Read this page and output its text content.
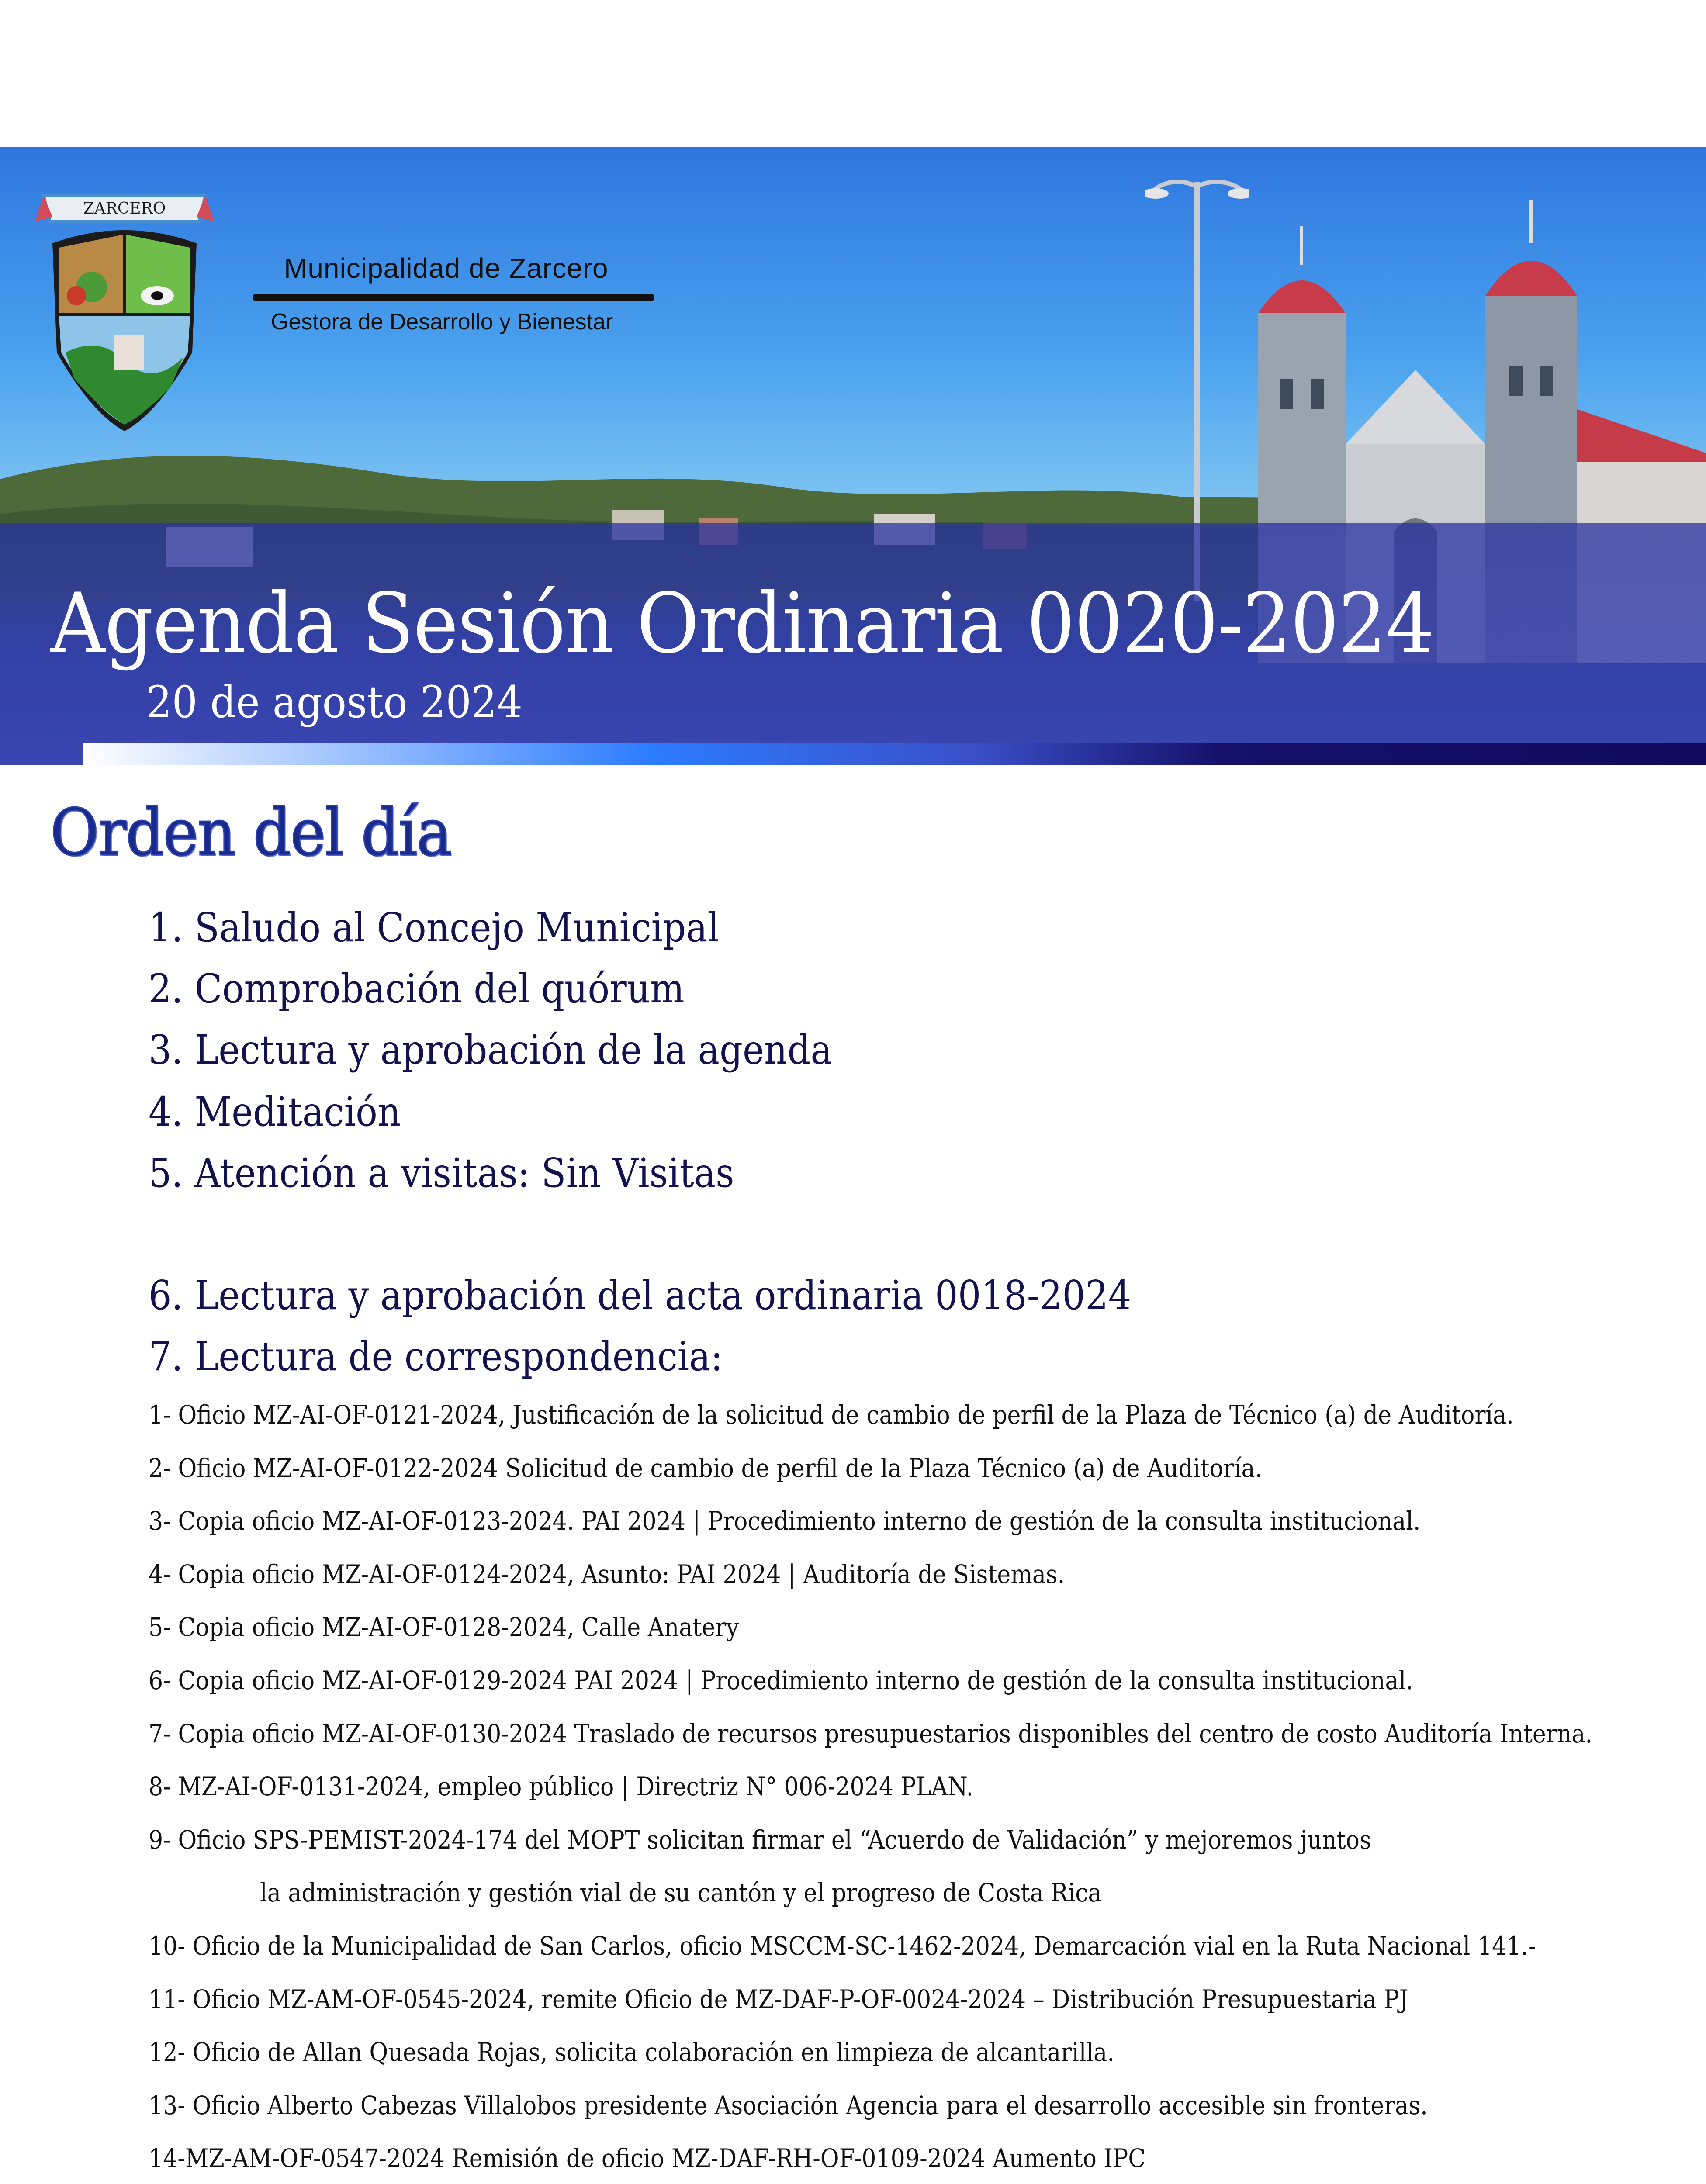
ZARCERO
Municipalidad de Zarcero
Gestora de Desarrollo y Bienestar
Agenda Sesión Ordinaria 0020-2024
20 de agosto 2024
Orden del día
1. Saludo al Concejo Municipal
2. Comprobación del quórum
3. Lectura y aprobación de la agenda
4. Meditación
5. Atención a visitas: Sin Visitas
6. Lectura y aprobación del acta ordinaria 0018-2024
7. Lectura de correspondencia:
1- Oficio MZ-AI-OF-0121-2024, Justificación de la solicitud de cambio de perfil de la Plaza de Técnico (a) de Auditoría.
2- Oficio MZ-AI-OF-0122-2024 Solicitud de cambio de perfil de la Plaza Técnico (a) de Auditoría.
3- Copia oficio MZ-AI-OF-0123-2024. PAI 2024 | Procedimiento interno de gestión de la consulta institucional.
4- Copia oficio MZ-AI-OF-0124-2024, Asunto: PAI 2024 | Auditoría de Sistemas.
5- Copia oficio MZ-AI-OF-0128-2024, Calle Anatery
6- Copia oficio MZ-AI-OF-0129-2024 PAI 2024 | Procedimiento interno de gestión de la consulta institucional.
7- Copia oficio MZ-AI-OF-0130-2024 Traslado de recursos presupuestarios disponibles del centro de costo Auditoría Interna.
8- MZ-AI-OF-0131-2024, empleo público | Directriz N° 006-2024 PLAN.
9- Oficio SPS-PEMIST-2024-174 del MOPT solicitan firmar el “Acuerdo de Validación” y mejoremos juntos
la administración y gestión vial de su cantón y el progreso de Costa Rica
10- Oficio de la Municipalidad de San Carlos, oficio MSCCM-SC-1462-2024, Demarcación vial en la Ruta Nacional 141.-
11- Oficio MZ-AM-OF-0545-2024, remite Oficio de MZ-DAF-P-OF-0024-2024 – Distribución Presupuestaria PJ
12- Oficio de Allan Quesada Rojas, solicita colaboración en limpieza de alcantarilla.
13- Oficio Alberto Cabezas Villalobos presidente Asociación Agencia para el desarrollo accesible sin fronteras.
14-MZ-AM-OF-0547-2024 Remisión de oficio MZ-DAF-RH-OF-0109-2024 Aumento IPC
